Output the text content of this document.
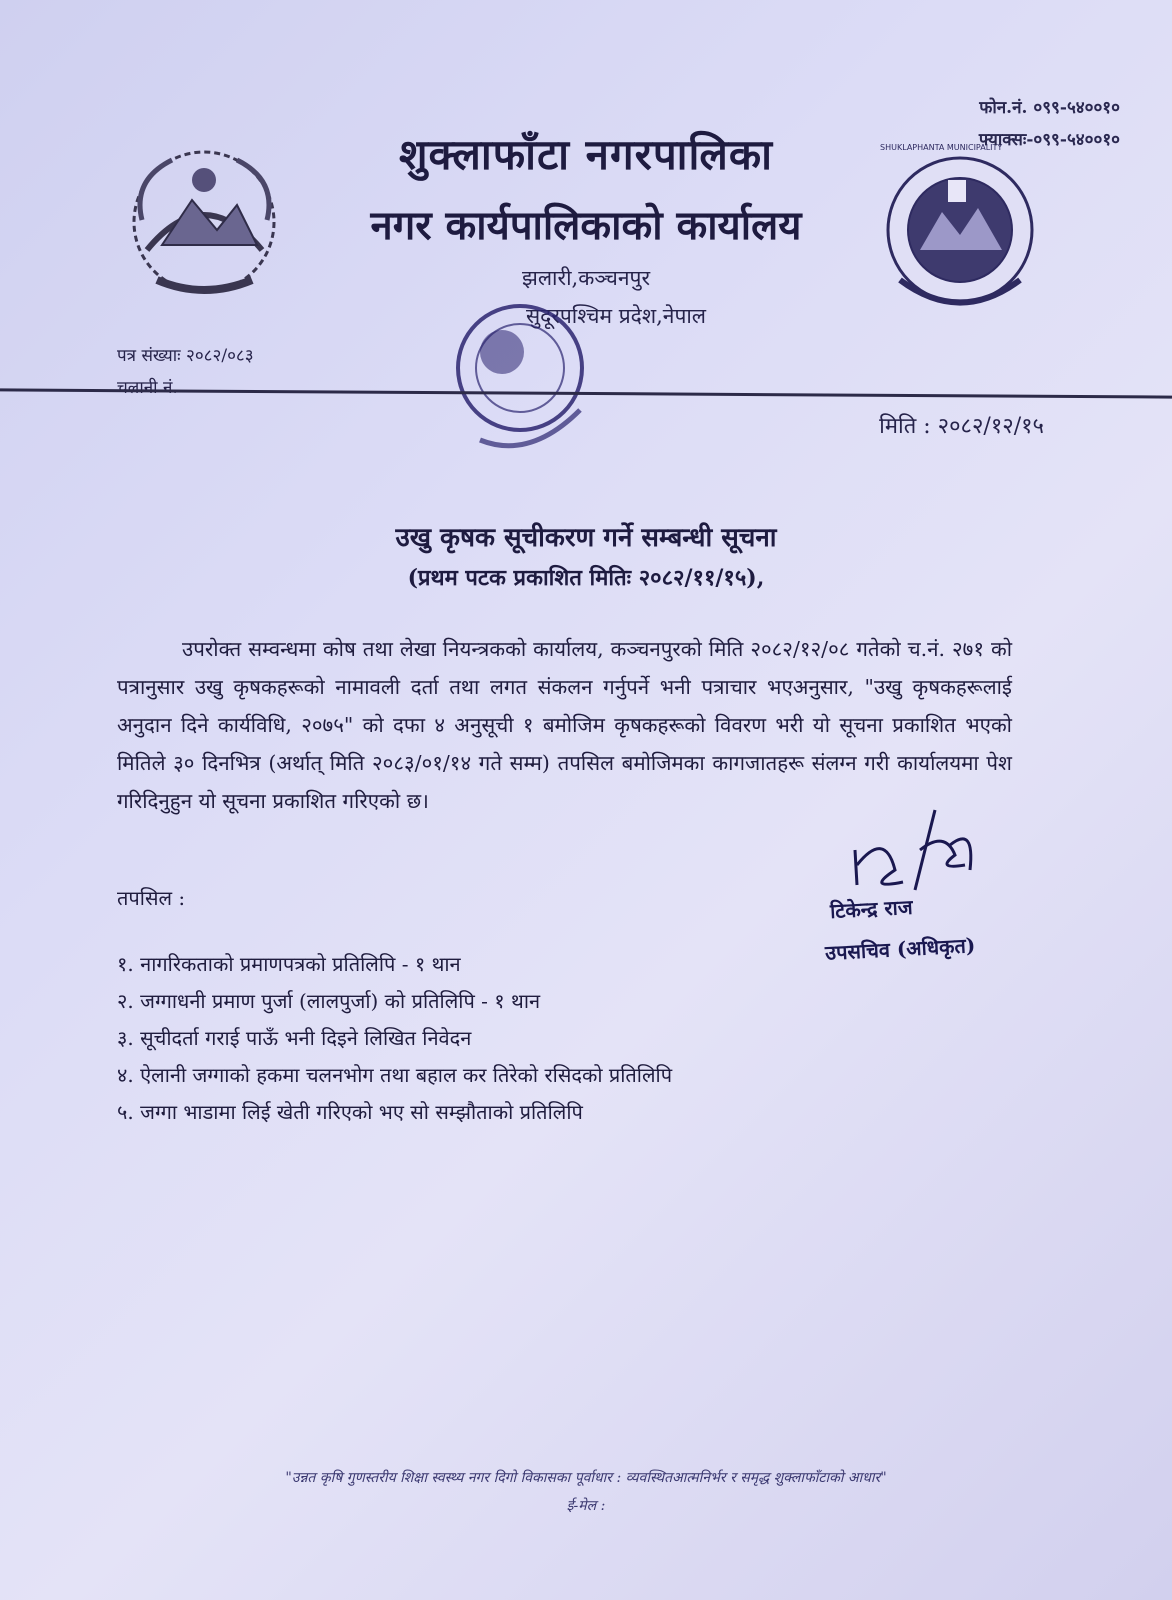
SHUKLAPHANTA MUNICIPALITY
फोन.नं. ०९९-५४००१०
फ्याक्सः-०९९-५४००१०
शुक्लाफाँटा नगरपालिका
नगर कार्यपालिकाको कार्यालय
झलारी,कञ्चनपुर
सुदूरपश्चिम प्रदेश,नेपाल
पत्र संख्याः २०८२/०८३
चलानी नं.
मिति : २०८२/१२/१५
उखु कृषक सूचीकरण गर्ने सम्बन्धी सूचना
(प्रथम पटक प्रकाशित मितिः २०८२/११/१५),
उपरोक्त सम्वन्धमा कोष तथा लेखा नियन्त्रकको कार्यालय, कञ्चनपुरको मिति २०८२/१२/०८ गतेको च.नं. २७१ को पत्रानुसार उखु कृषकहरूको नामावली दर्ता तथा लगत संकलन गर्नुपर्ने भनी पत्राचार भएअनुसार, "उखु कृषकहरूलाई अनुदान दिने कार्यविधि, २०७५" को दफा ४ अनुसूची १ बमोजिम कृषकहरूको विवरण भरी यो सूचना प्रकाशित भएको मितिले ३० दिनभित्र (अर्थात् मिति २०८३/०१/१४ गते सम्म) तपसिल बमोजिमका कागजातहरू संलग्न गरी कार्यालयमा पेश गरिदिनुहुन यो सूचना प्रकाशित गरिएको छ।
तपसिल :
१. नागरिकताको प्रमाणपत्रको प्रतिलिपि - १ थान
२. जग्गाधनी प्रमाण पुर्जा (लालपुर्जा) को प्रतिलिपि - १ थान
३. सूचीदर्ता गराई पाऊँ भनी दिइने लिखित निवेदन
४. ऐलानी जग्गाको हकमा चलनभोग तथा बहाल कर तिरेको रसिदको प्रतिलिपि
५. जग्गा भाडामा लिई खेती गरिएको भए सो सम्झौताको प्रतिलिपि
टिकेन्द्र राज
उपसचिव (अधिकृत)
"उन्नत कृषि गुणस्तरीय शिक्षा स्वस्थ्य नगर दिगो विकासका पूर्वाधार : व्यवस्थितआत्मनिर्भर र समृद्ध शुक्लाफाँटाको आधार"
ई-मेल :
